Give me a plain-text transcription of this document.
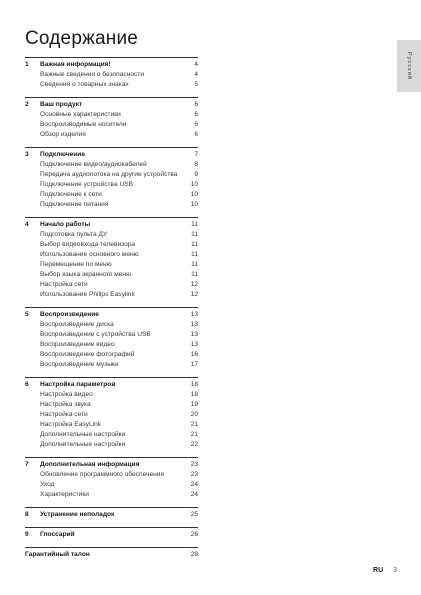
Содержание
Русский
1 Важная информация!	4
Важные сведения о безопасности	4
Сведения о товарных знаках	5
2 Ваш продукт	6
Основные характеристики	6
Воспроизводимые носители	6
Обзор изделия	6
3 Подключение	7
Подключение видео/аудиокабелей	8
Передача аудиопотока на другие устройства	9
Подключение устройства USB	10
Подключение к сети	10
Подключение питания	10
4 Начало работы	11
Подготовка пульта ДУ	11
Выбор видеовхода телевизора	11
Использование основного меню	11
Перемещение по меню	11
Выбор языка экранного меню	11
Настройка сети	12
Использование Philips Easylink	12
5 Воспроизведение	13
Воспроизведение диска	13
Воспроизведение с устройства USB	13
Воспроизведение видео	13
Воспроизведение фотографий	16
Воспроизведение музыки	17
6 Настройка параметров	18
Настройка видео	18
Настройка звука	19
Настройка сети	20
Настройка EasyLink	21
Дополнительные настройки	21
Дополнительные настройки	22
7 Дополнительная информация	23
Обновление программного обеспечения	23
Уход	24
Характеристики	24
8 Устранение неполадок	25
9 Глоссарий	26
Гарантийный талон	28
RU 3
